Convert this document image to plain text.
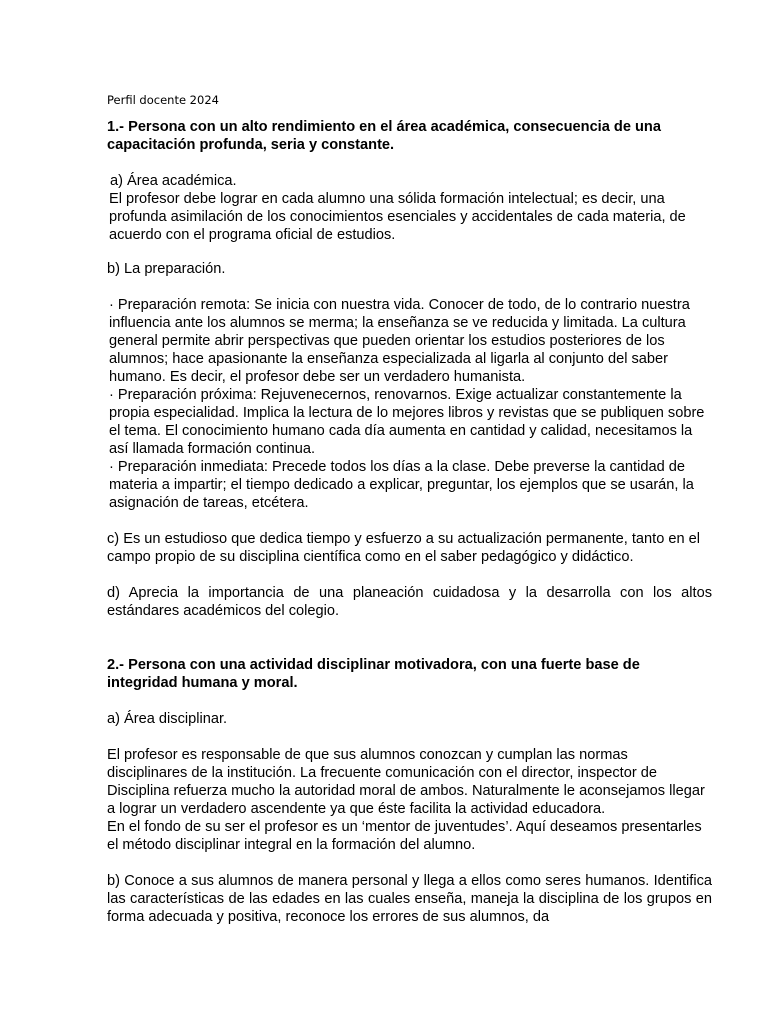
Perfil docente 2024

1.- Persona con un alto rendimiento en el área académica, consecuencia de una capacitación profunda, seria y constante.

a) Área académica.

El profesor debe lograr en cada alumno una sólida formación intelectual; es decir, una profunda asimilación de los conocimientos esenciales y accidentales de cada materia, de acuerdo con el programa oficial de estudios.

b) La preparación.

· Preparación remota: Se inicia con nuestra vida. Conocer de todo, de lo contrario nuestra influencia ante los alumnos se merma; la enseñanza se ve reducida y limitada. La cultura general permite abrir perspectivas que pueden orientar los estudios posteriores de los alumnos; hace apasionante la enseñanza especializada al ligarla al conjunto del saber humano. Es decir, el profesor debe ser un verdadero humanista.

· Preparación próxima: Rejuvenecernos, renovarnos. Exige actualizar constantemente la propia especialidad. Implica la lectura de lo mejores libros y revistas que se publiquen sobre el tema. El conocimiento humano cada día aumenta en cantidad y calidad, necesitamos la así llamada formación continua.

· Preparación inmediata: Precede todos los días a la clase. Debe preverse la cantidad de materia a impartir; el tiempo dedicado a explicar, preguntar, los ejemplos que se usarán, la asignación de tareas, etcétera.

c) Es un estudioso que dedica tiempo y esfuerzo a su actualización permanente, tanto en el campo propio de su disciplina científica como en el saber pedagógico y didáctico.

d) Aprecia la importancia de una planeación cuidadosa y la desarrolla con los altos estándares académicos del colegio.

2.- Persona con una actividad disciplinar motivadora, con una fuerte base de integridad humana y moral.

a) Área disciplinar.

El profesor es responsable de que sus alumnos conozcan y cumplan las normas disciplinares de la institución. La frecuente comunicación con el director, inspector de Disciplina refuerza mucho la autoridad moral de ambos. Naturalmente le aconsejamos llegar a lograr un verdadero ascendente ya que éste facilita la actividad educadora.

En el fondo de su ser el profesor es un ‘mentor de juventudes’. Aquí deseamos presentarles el método disciplinar integral en la formación del alumno.

b) Conoce a sus alumnos de manera personal y llega a ellos como seres humanos. Identifica las características de las edades en las cuales enseña, maneja la disciplina de los grupos en forma adecuada y positiva, reconoce los errores de sus alumnos, da
